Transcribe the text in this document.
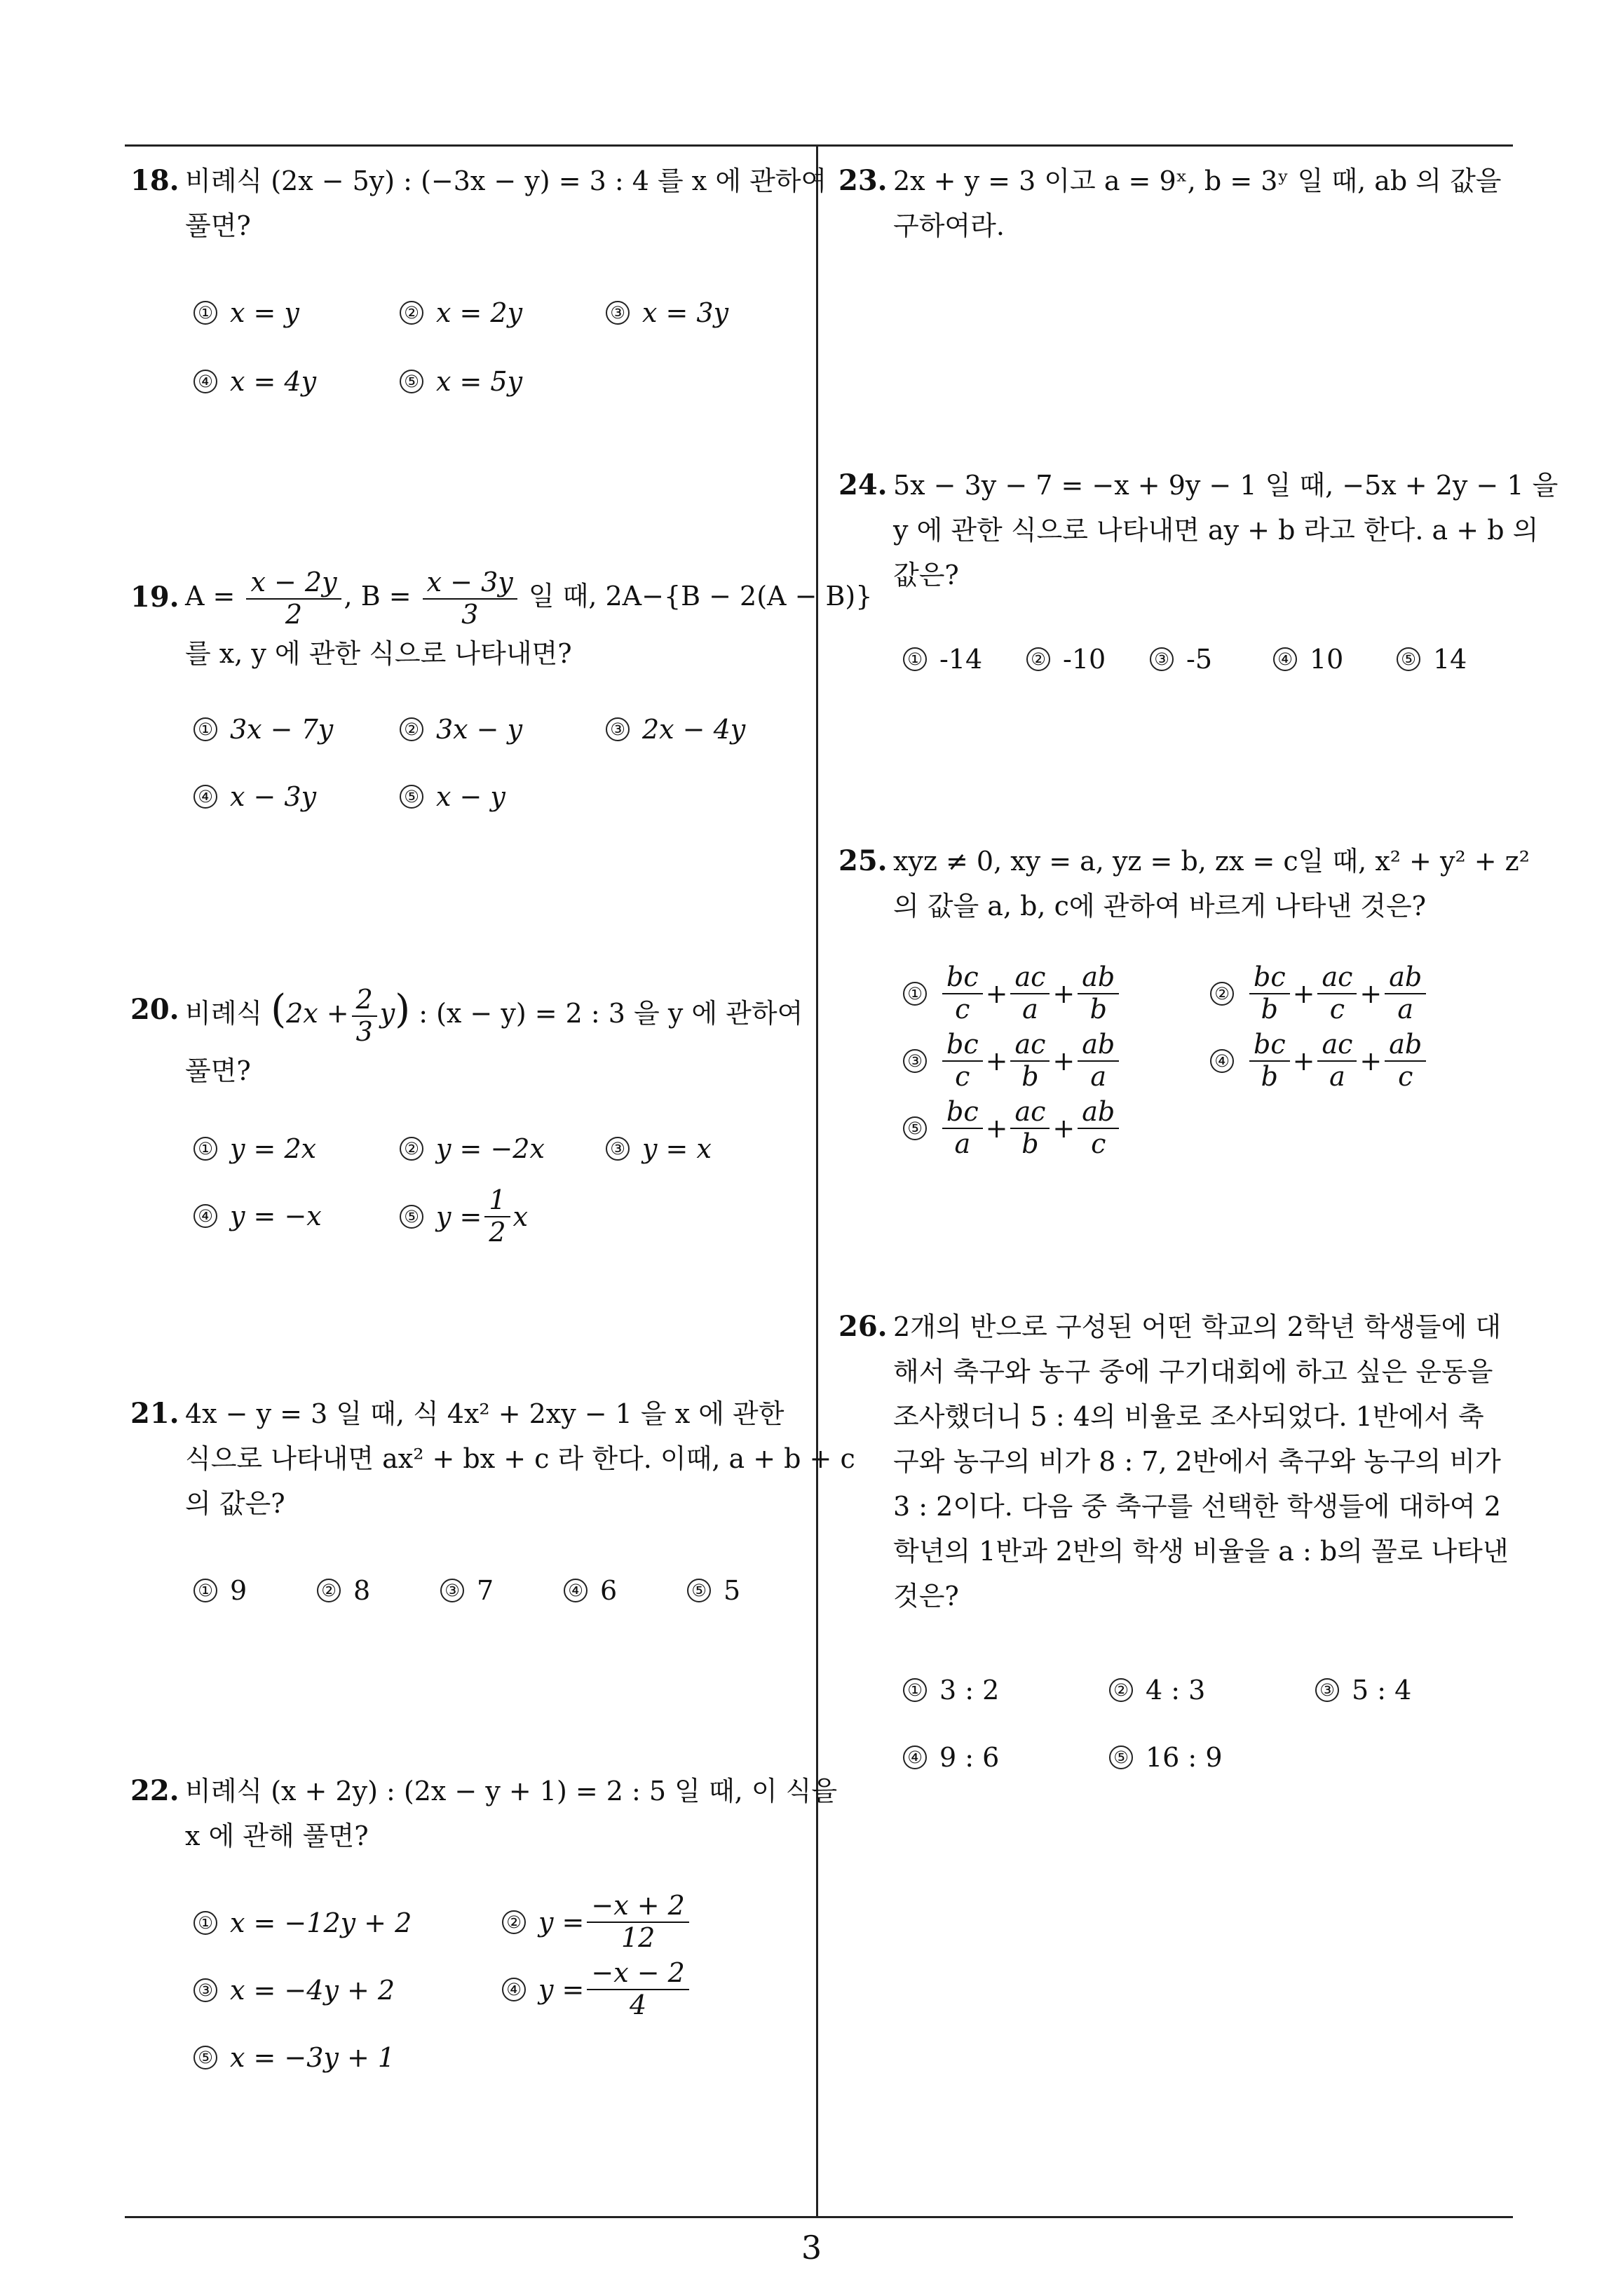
18. 비례식 (2x − 5y) : (−3x − y) = 3 : 4 를 x 에 관하여
풀면?
① x = y	② x = 2y	③ x = 3y
④ x = 4y	⑤ x = 5y
19. $A = \frac{x - 2y}{2}$ , $B = \frac{x - 3y}{3}$ 일 때, 2A−{B − 2(A − B)}
를 x, y 에 관한 식으로 나타내면?
① 3x − 7y	② 3x − y	③ 2x − 4y
④ x − 3y	⑤ x − y
20. 비례식 $(2x + \frac{2}{3} y)$ : (x − y) = 2 : 3 을 y 에 관하여
풀면?
① y = 2x	② y = −2x	③ y = x
④ y = −x	⑤ $y = \frac{1}{2}$ x
21. 4x − y = 3 일 때, 식 4x² + 2xy − 1 을 x 에 관한
식으로 나타내면 ax² + bx + c 라 한다. 이때, a + b + c
의 값은?
① 9	② 8	③ 7	④ 6	⑤ 5
22. 비례식 (x + 2y) : (2x − y + 1) = 2 : 5 일 때, 이 식을
x 에 관해 풀면?
① x = −12y + 2	② $y = \frac{-x + 2}{12}$
③ x = −4y + 2	④ $y = \frac{-x - 2}{4}$
⑤ x = −3y + 1
23. 2x + y = 3 이고 a = 9ˣ, b = 3ʸ 일 때, ab 의 값을
구하여라.
24. 5x − 3y − 7 = −x + 9y − 1 일 때, −5x + 2y − 1 을
y 에 관한 식으로 나타내면 ay + b 라고 한다. a + b 의
값은?
① -14	② -10	③ -5	④ 10	⑤ 14
25. xyz ≠ 0, xy = a, yz = b, zx = c일 때, x² + y² + z²
의 값을 a, b, c에 관하여 바르게 나타낸 것은?
① $\frac{bc}{c} + \frac{ac}{a} + \frac{ab}{b}$	② $\frac{bc}{b} + \frac{ac}{c} + \frac{ab}{a}$
③ $\frac{bc}{c} + \frac{ac}{b} + \frac{ab}{a}$	④ $\frac{bc}{b} + \frac{ac}{a} + \frac{ab}{c}$
⑤ $\frac{bc}{a} + \frac{ac}{b} + \frac{ab}{c}$
26. 2개의 반으로 구성된 어떤 학교의 2학년 학생들에 대
해서 축구와 농구 중에 구기대회에 하고 싶은 운동을
조사했더니 5 : 4의 비율로 조사되었다. 1반에서 축
구와 농구의 비가 8 : 7, 2반에서 축구와 농구의 비가
3 : 2이다. 다음 중 축구를 선택한 학생들에 대하여 2
학년의 1반과 2반의 학생 비율을 a : b의 꼴로 나타낸
것은?
① 3 : 2	② 4 : 3	③ 5 : 4
④ 9 : 6	⑤ 16 : 9
3
